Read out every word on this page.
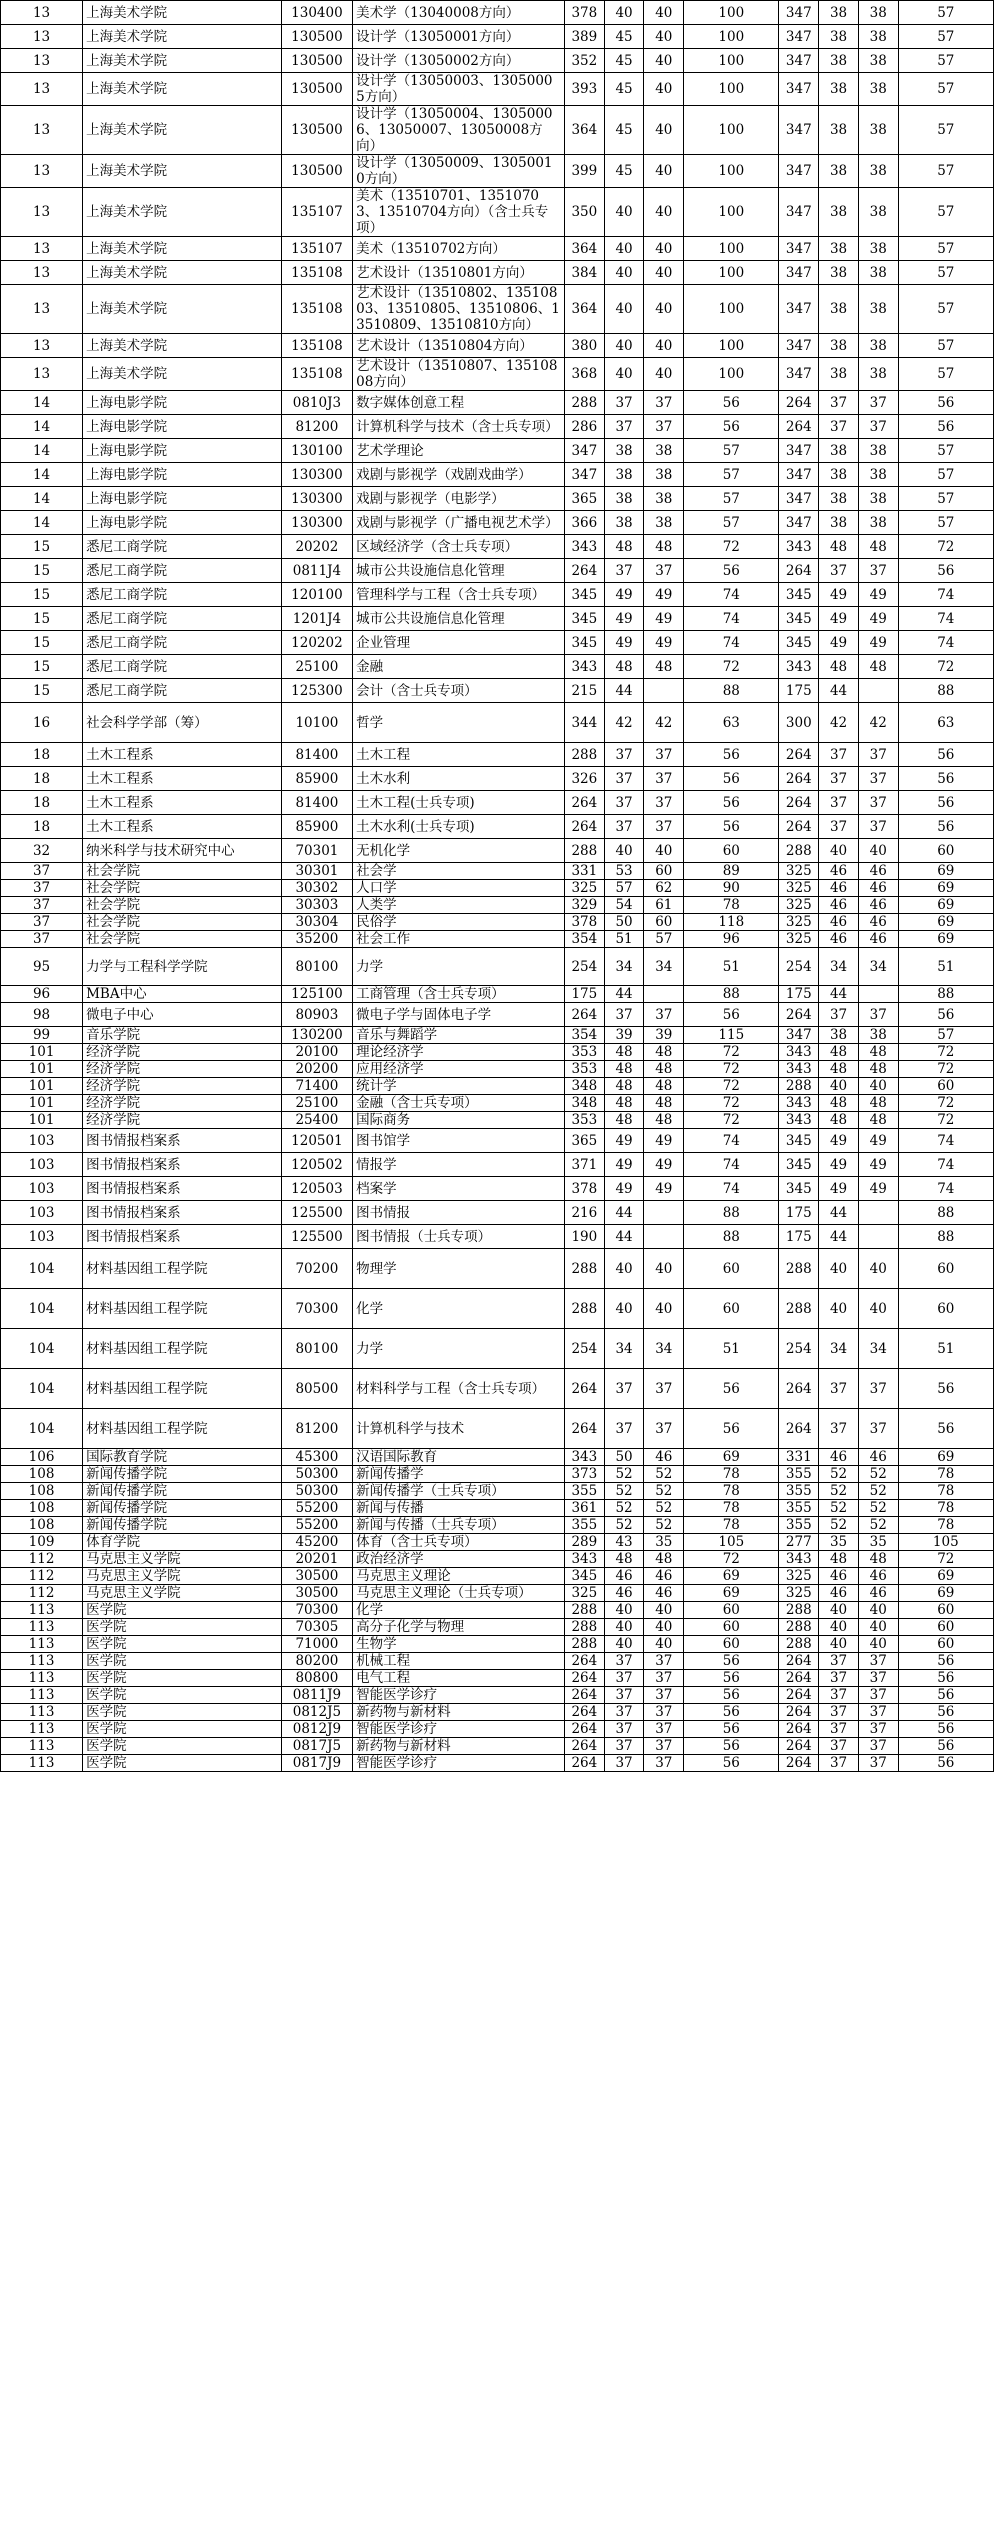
13	上海美术学院	130400	美术学（13040008方向）	378	40	40	100	347	38	38	57
13	上海美术学院	130500	设计学（13050001方向）	389	45	40	100	347	38	38	57
13	上海美术学院	130500	设计学（13050002方向）	352	45	40	100	347	38	38	57
13	上海美术学院	130500	设计学（13050003、13050005方向）	393	45	40	100	347	38	38	57
13	上海美术学院	130500	设计学（13050004、13050006、13050007、13050008方向）	364	45	40	100	347	38	38	57
13	上海美术学院	130500	设计学（13050009、13050010方向）	399	45	40	100	347	38	38	57
13	上海美术学院	135107	美术（13510701、13510703、13510704方向）（含士兵专项）	350	40	40	100	347	38	38	57
13	上海美术学院	135107	美术（13510702方向）	364	40	40	100	347	38	38	57
13	上海美术学院	135108	艺术设计（13510801方向）	384	40	40	100	347	38	38	57
13	上海美术学院	135108	艺术设计（13510802、13510803、13510805、13510806、13510809、13510810方向）	364	40	40	100	347	38	38	57
13	上海美术学院	135108	艺术设计（13510804方向）	380	40	40	100	347	38	38	57
13	上海美术学院	135108	艺术设计（13510807、13510808方向）	368	40	40	100	347	38	38	57
14	上海电影学院	0810J3	数字媒体创意工程	288	37	37	56	264	37	37	56
14	上海电影学院	81200	计算机科学与技术（含士兵专项）	286	37	37	56	264	37	37	56
14	上海电影学院	130100	艺术学理论	347	38	38	57	347	38	38	57
14	上海电影学院	130300	戏剧与影视学（戏剧戏曲学）	347	38	38	57	347	38	38	57
14	上海电影学院	130300	戏剧与影视学（电影学）	365	38	38	57	347	38	38	57
14	上海电影学院	130300	戏剧与影视学（广播电视艺术学）	366	38	38	57	347	38	38	57
15	悉尼工商学院	20202	区域经济学（含士兵专项）	343	48	48	72	343	48	48	72
15	悉尼工商学院	0811J4	城市公共设施信息化管理	264	37	37	56	264	37	37	56
15	悉尼工商学院	120100	管理科学与工程（含士兵专项）	345	49	49	74	345	49	49	74
15	悉尼工商学院	1201J4	城市公共设施信息化管理	345	49	49	74	345	49	49	74
15	悉尼工商学院	120202	企业管理	345	49	49	74	345	49	49	74
15	悉尼工商学院	25100	金融	343	48	48	72	343	48	48	72
15	悉尼工商学院	125300	会计（含士兵专项）	215	44		88	175	44		88
16	社会科学学部（筹）	10100	哲学	344	42	42	63	300	42	42	63
18	土木工程系	81400	土木工程	288	37	37	56	264	37	37	56
18	土木工程系	85900	土木水利	326	37	37	56	264	37	37	56
18	土木工程系	81400	土木工程(士兵专项)	264	37	37	56	264	37	37	56
18	土木工程系	85900	土木水利(士兵专项)	264	37	37	56	264	37	37	56
32	纳米科学与技术研究中心	70301	无机化学	288	40	40	60	288	40	40	60
37	社会学院	30301	社会学	331	53	60	89	325	46	46	69
37	社会学院	30302	人口学	325	57	62	90	325	46	46	69
37	社会学院	30303	人类学	329	54	61	78	325	46	46	69
37	社会学院	30304	民俗学	378	50	60	118	325	46	46	69
37	社会学院	35200	社会工作	354	51	57	96	325	46	46	69
95	力学与工程科学学院	80100	力学	254	34	34	51	254	34	34	51
96	MBA中心	125100	工商管理（含士兵专项）	175	44		88	175	44		88
98	微电子中心	80903	微电子学与固体电子学	264	37	37	56	264	37	37	56
99	音乐学院	130200	音乐与舞蹈学	354	39	39	115	347	38	38	57
101	经济学院	20100	理论经济学	353	48	48	72	343	48	48	72
101	经济学院	20200	应用经济学	353	48	48	72	343	48	48	72
101	经济学院	71400	统计学	348	48	48	72	288	40	40	60
101	经济学院	25100	金融（含士兵专项）	348	48	48	72	343	48	48	72
101	经济学院	25400	国际商务	353	48	48	72	343	48	48	72
103	图书情报档案系	120501	图书馆学	365	49	49	74	345	49	49	74
103	图书情报档案系	120502	情报学	371	49	49	74	345	49	49	74
103	图书情报档案系	120503	档案学	378	49	49	74	345	49	49	74
103	图书情报档案系	125500	图书情报	216	44		88	175	44		88
103	图书情报档案系	125500	图书情报（士兵专项）	190	44		88	175	44		88
104	材料基因组工程学院	70200	物理学	288	40	40	60	288	40	40	60
104	材料基因组工程学院	70300	化学	288	40	40	60	288	40	40	60
104	材料基因组工程学院	80100	力学	254	34	34	51	254	34	34	51
104	材料基因组工程学院	80500	材料科学与工程（含士兵专项）	264	37	37	56	264	37	37	56
104	材料基因组工程学院	81200	计算机科学与技术	264	37	37	56	264	37	37	56
106	国际教育学院	45300	汉语国际教育	343	50	46	69	331	46	46	69
108	新闻传播学院	50300	新闻传播学	373	52	52	78	355	52	52	78
108	新闻传播学院	50300	新闻传播学（士兵专项）	355	52	52	78	355	52	52	78
108	新闻传播学院	55200	新闻与传播	361	52	52	78	355	52	52	78
108	新闻传播学院	55200	新闻与传播（士兵专项）	355	52	52	78	355	52	52	78
109	体育学院	45200	体育（含士兵专项）	289	43	35	105	277	35	35	105
112	马克思主义学院	20201	政治经济学	343	48	48	72	343	48	48	72
112	马克思主义学院	30500	马克思主义理论	345	46	46	69	325	46	46	69
112	马克思主义学院	30500	马克思主义理论（士兵专项）	325	46	46	69	325	46	46	69
113	医学院	70300	化学	288	40	40	60	288	40	40	60
113	医学院	70305	高分子化学与物理	288	40	40	60	288	40	40	60
113	医学院	71000	生物学	288	40	40	60	288	40	40	60
113	医学院	80200	机械工程	264	37	37	56	264	37	37	56
113	医学院	80800	电气工程	264	37	37	56	264	37	37	56
113	医学院	0811J9	智能医学诊疗	264	37	37	56	264	37	37	56
113	医学院	0812J5	新药物与新材料	264	37	37	56	264	37	37	56
113	医学院	0812J9	智能医学诊疗	264	37	37	56	264	37	37	56
113	医学院	0817J5	新药物与新材料	264	37	37	56	264	37	37	56
113	医学院	0817J9	智能医学诊疗	264	37	37	56	264	37	37	56
